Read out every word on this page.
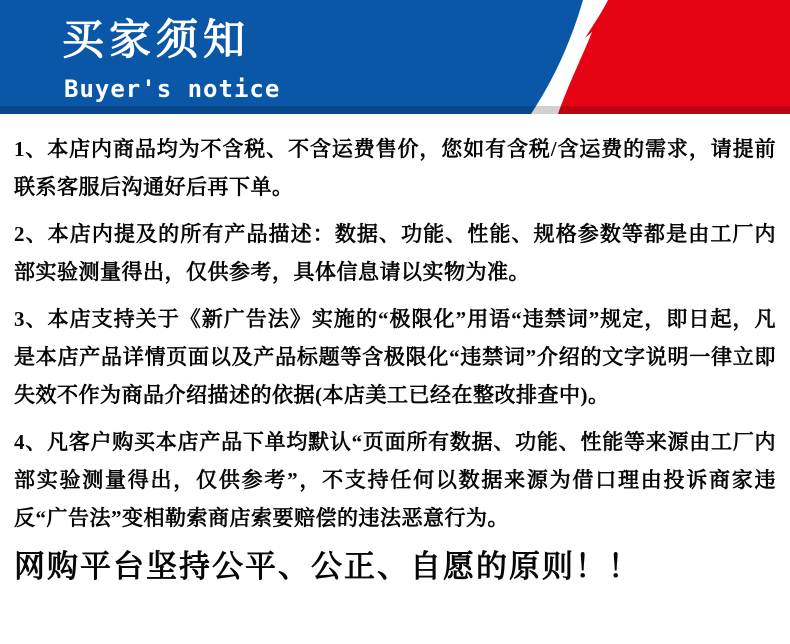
买家须知
Buyer's notice

1、本店内商品均为不含税、不含运费售价，您如有含税/含运费的需求，请提前联系客服后沟通好后再下单。

2、本店内提及的所有产品描述：数据、功能、性能、规格参数等都是由工厂内部实验测量得出，仅供参考，具体信息请以实物为准。

3、本店支持关于《新广告法》实施的“极限化”用语“违禁词”规定，即日起，凡是本店产品详情页面以及产品标题等含极限化“违禁词”介绍的文字说明一律立即失效不作为商品介绍描述的依据(本店美工已经在整改排查中)。

4、凡客户购买本店产品下单均默认“页面所有数据、功能、性能等来源由工厂内部实验测量得出，仅供参考”，不支持任何以数据来源为借口理由投诉商家违反“广告法”变相勒索商店索要赔偿的违法恶意行为。

网购平台坚持公平、公正、自愿的原则！！
